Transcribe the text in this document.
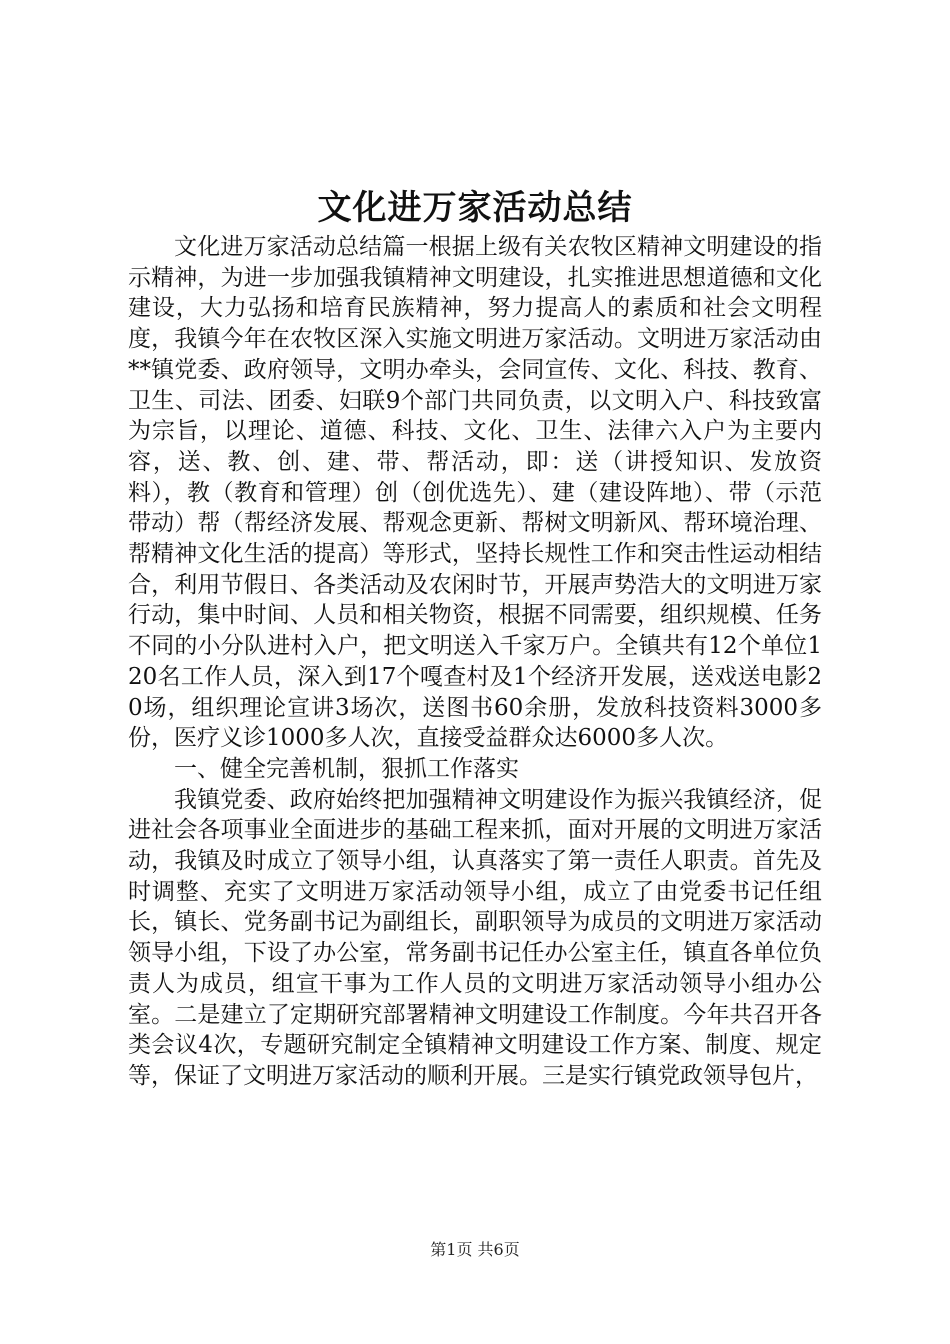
文化进万家活动总结

文化进万家活动总结篇一根据上级有关农牧区精神文明建设的指示精神，为进一步加强我镇精神文明建设，扎实推进思想道德和文化建设，大力弘扬和培育民族精神，努力提高人的素质和社会文明程度，我镇今年在农牧区深入实施文明进万家活动。文明进万家活动由**镇党委、政府领导，文明办牵头，会同宣传、文化、科技、教育、卫生、司法、团委、妇联9个部门共同负责，以文明入户、科技致富为宗旨，以理论、道德、科技、文化、卫生、法律六入户为主要内容，送、教、创、建、带、帮活动，即：送（讲授知识、发放资料），教（教育和管理）创（创优选先）、建（建设阵地）、带（示范带动）帮（帮经济发展、帮观念更新、帮树文明新风、帮环境治理、帮精神文化生活的提高）等形式，坚持长规性工作和突击性运动相结合，利用节假日、各类活动及农闲时节，开展声势浩大的文明进万家行动，集中时间、人员和相关物资，根据不同需要，组织规模、任务不同的小分队进村入户，把文明送入千家万户。全镇共有12个单位120名工作人员，深入到17个嘎查村及1个经济开发展，送戏送电影20场，组织理论宣讲3场次，送图书60余册，发放科技资料3000多份，医疗义诊1000多人次，直接受益群众达6000多人次。

一、健全完善机制，狠抓工作落实

我镇党委、政府始终把加强精神文明建设作为振兴我镇经济，促进社会各项事业全面进步的基础工程来抓，面对开展的文明进万家活动，我镇及时成立了领导小组，认真落实了第一责任人职责。首先及时调整、充实了文明进万家活动领导小组，成立了由党委书记任组长，镇长、党务副书记为副组长，副职领导为成员的文明进万家活动领导小组，下设了办公室，常务副书记任办公室主任，镇直各单位负责人为成员，组宣干事为工作人员的文明进万家活动领导小组办公室。二是建立了定期研究部署精神文明建设工作制度。今年共召开各类会议4次，专题研究制定全镇精神文明建设工作方案、制度、规定等，保证了文明进万家活动的顺利开展。三是实行镇党政领导包片，

第1页 共6页
